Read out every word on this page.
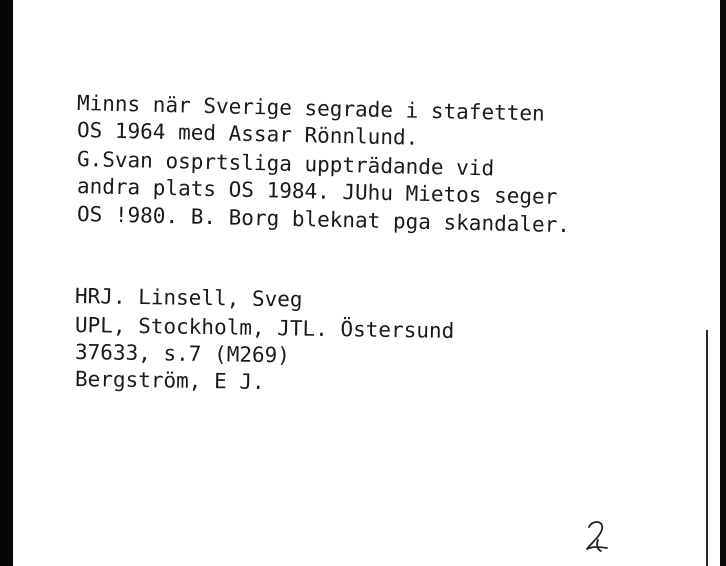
Minns när Sverige segrade i stafetten

OS 1964 med Assar Rönnlund.

G.Svan osprtsliga uppträdande vid

andra plats OS 1984. JUhu Mietos seger

OS !980. B. Borg bleknat pga skandaler.

HRJ. Linsell, Sveg

UPL, Stockholm, JTL. Östersund

37633, s.7 (M269)

Bergström, E J.
